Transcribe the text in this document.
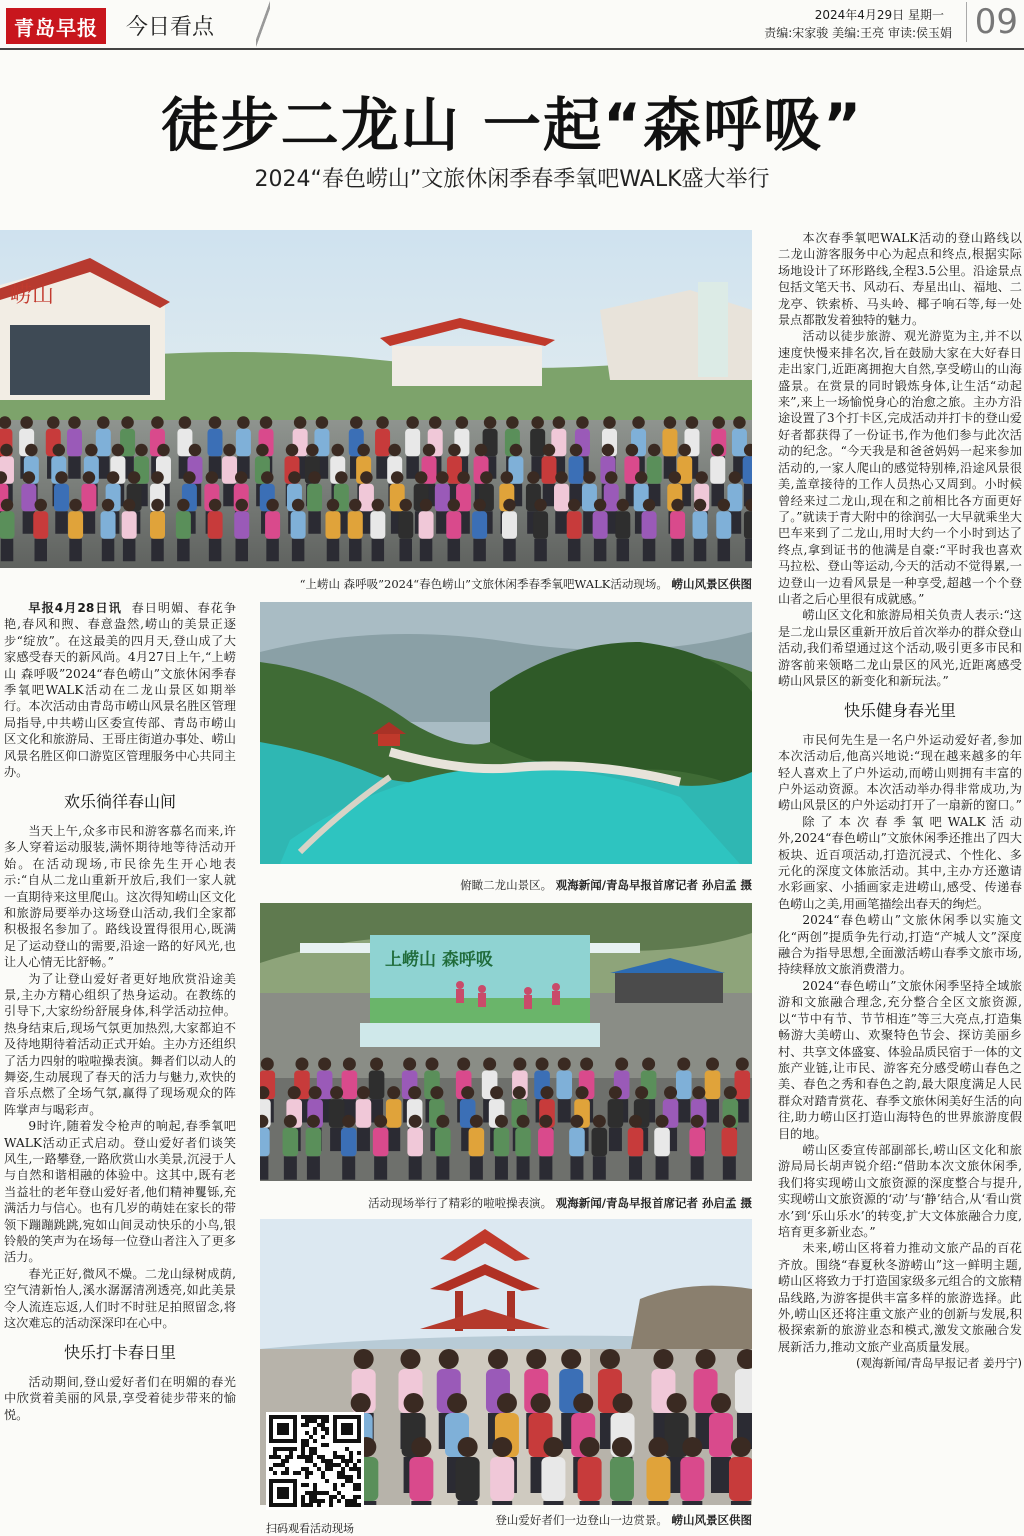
青岛早报	今日看点	2024年4月29日 星期一
责编:宋家骏 美编:王亮 审读:侯玉娟 09
徒步二龙山 一起“森呼吸”
2024“春色崂山”文旅休闲季春季氧吧WALK盛大举行
崂山
“上崂山 森呼吸”2024“春色崂山”文旅休闲季春季氧吧WALK活动现场。 崂山风景区供图
俯瞰二龙山景区。 观海新闻/青岛早报首席记者 孙启孟 摄
上崂山 森呼吸
活动现场举行了精彩的啦啦操表演。 观海新闻/青岛早报首席记者 孙启孟 摄
登山爱好者们一边登山一边赏景。 崂山风景区供图
扫码观看活动现场

早报4月28日讯 春日明媚、春花争艳,春风和煦、春意盎然,崂山的美景正逐步“绽放”。在这最美的四月天,登山成了大家感受春天的新风尚。4月27日上午,“上崂山 森呼吸”2024“春色崂山”文旅休闲季春季氧吧WALK活动在二龙山景区如期举行。本次活动由青岛市崂山风景名胜区管理局指导,中共崂山区委宣传部、青岛市崂山区文化和旅游局、王哥庄街道办事处、崂山风景名胜区仰口游览区管理服务中心共同主办。

欢乐徜徉春山间

当天上午,众多市民和游客慕名而来,许多人穿着运动服装,满怀期待地等待活动开始。在活动现场,市民徐先生开心地表示:“自从二龙山重新开放后,我们一家人就一直期待来这里爬山。这次得知崂山区文化和旅游局要举办这场登山活动,我们全家都积极报名参加了。路线设置得很用心,既满足了运动登山的需要,沿途一路的好风光,也让人心情无比舒畅。”

为了让登山爱好者更好地欣赏沿途美景,主办方精心组织了热身运动。在教练的引导下,大家纷纷舒展身体,科学活动拉伸。热身结束后,现场气氛更加热烈,大家都迫不及待地期待着活动正式开始。主办方还组织了活力四射的啦啦操表演。舞者们以动人的舞姿,生动展现了春天的活力与魅力,欢快的音乐点燃了全场气氛,赢得了现场观众的阵阵掌声与喝彩声。

9时许,随着发令枪声的响起,春季氧吧WALK活动正式启动。登山爱好者们谈笑风生,一路攀登,一路欣赏山水美景,沉浸于人与自然和谐相融的体验中。这其中,既有老当益壮的老年登山爱好者,他们精神矍铄,充满活力与信心。也有几岁的萌娃在家长的带领下蹦蹦跳跳,宛如山间灵动快乐的小鸟,银铃般的笑声为在场每一位登山者注入了更多活力。

春光正好,微风不燥。二龙山绿树成荫,空气清新怡人,溪水潺潺清冽透亮,如此美景令人流连忘返,人们时不时驻足拍照留念,将这次难忘的活动深深印在心中。

快乐打卡春日里

活动期间,登山爱好者们在明媚的春光中欣赏着美丽的风景,享受着徒步带来的愉悦。

本次春季氧吧WALK活动的登山路线以二龙山游客服务中心为起点和终点,根据实际场地设计了环形路线,全程3.5公里。沿途景点包括文笔天书、风动石、寿星出山、福地、二龙亭、铁索桥、马头岭、椰子响石等,每一处景点都散发着独特的魅力。

活动以徒步旅游、观光游览为主,并不以速度快慢来排名次,旨在鼓励大家在大好春日走出家门,近距离拥抱大自然,享受崂山的山海盛景。在赏景的同时锻炼身体,让生活“动起来”,来上一场愉悦身心的治愈之旅。主办方沿途设置了3个打卡区,完成活动并打卡的登山爱好者都获得了一份证书,作为他们参与此次活动的纪念。“今天我是和爸爸妈妈一起来参加活动的,一家人爬山的感觉特别棒,沿途风景很美,盖章接待的工作人员热心又周到。小时候曾经来过二龙山,现在和之前相比各方面更好了。”就读于青大附中的徐润弘一大早就乘坐大巴车来到了二龙山,用时大约一个小时到达了终点,拿到证书的他满是自豪:“平时我也喜欢马拉松、登山等运动,今天的活动不觉得累,一边登山一边看风景是一种享受,超越一个个登山者之后心里很有成就感。”

崂山区文化和旅游局相关负责人表示:“这是二龙山景区重新开放后首次举办的群众登山活动,我们希望通过这个活动,吸引更多市民和游客前来领略二龙山景区的风光,近距离感受崂山风景区的新变化和新玩法。”

快乐健身春光里

市民何先生是一名户外运动爱好者,参加本次活动后,他高兴地说:“现在越来越多的年轻人喜欢上了户外运动,而崂山则拥有丰富的户外运动资源。本次活动举办得非常成功,为崂山风景区的户外运动打开了一扇新的窗口。”

除了本次春季氧吧WALK活动外,2024“春色崂山”文旅休闲季还推出了四大板块、近百项活动,打造沉浸式、个性化、多元化的深度文体旅活动。其中,主办方还邀请水彩画家、小插画家走进崂山,感受、传递春色崂山之美,用画笔描绘出春天的绚烂。

2024“春色崂山”文旅休闲季以实施文化“两创”提质争先行动,打造“产城人文”深度融合为指导思想,全面激活崂山春季文旅市场,持续释放文旅消费潜力。

2024“春色崂山”文旅休闲季坚持全域旅游和文旅融合理念,充分整合全区文旅资源,以“节中有节、节节相连”等三大亮点,打造集畅游大美崂山、欢聚特色节会、探访美丽乡村、共享文体盛宴、体验品质民宿于一体的文旅产业链,让市民、游客充分感受崂山春色之美、春色之秀和春色之韵,最大限度满足人民群众对踏青赏花、春季文旅休闲美好生活的向往,助力崂山区打造山海特色的世界旅游度假目的地。

崂山区委宣传部副部长,崂山区文化和旅游局局长胡声锐介绍:“借助本次文旅休闲季,我们将实现崂山文旅资源的深度整合与提升,实现崂山文旅资源的‘动’与‘静’结合,从‘看山赏水’到‘乐山乐水’的转变,扩大文体旅融合力度,培育更多新业态。”

未来,崂山区将着力推动文旅产品的百花齐放。围绕“春夏秋冬游崂山”这一鲜明主题,崂山区将致力于打造国家级多元组合的文旅精品线路,为游客提供丰富多样的旅游选择。此外,崂山区还将注重文旅产业的创新与发展,积极探索新的旅游业态和模式,激发文旅融合发展新活力,推动文旅产业高质量发展。

(观海新闻/青岛早报记者 姜丹宁)
